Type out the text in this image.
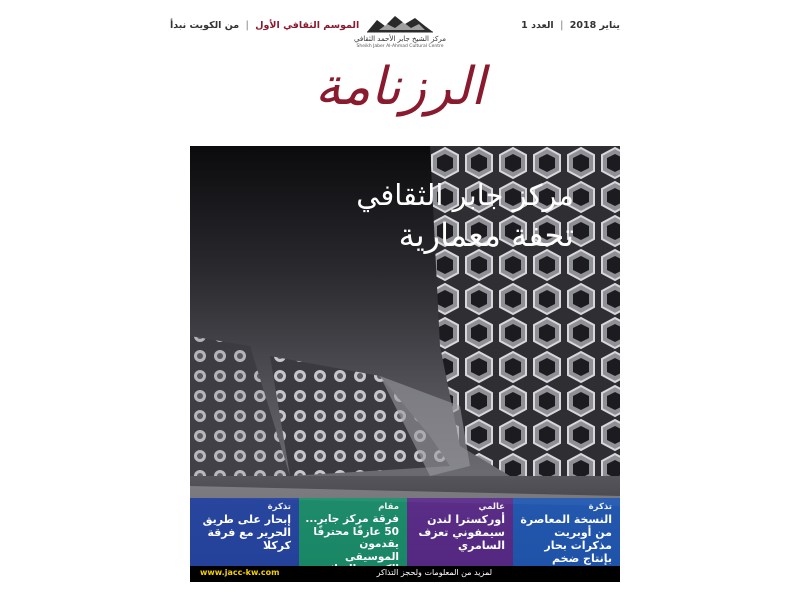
الموسم الثقافي الأول | من الكويت نبدأ	يناير 2018 | العدد 1
مركز الشيخ جابر الأحمد الثقافي
Sheikh Jaber Al-Ahmad Cultural Centre
الرزنامة
مركز جابر الثقافي
تحفة معمارية
تذكرة
إبحار على طريق الحرير مع فرقة كركلا
مقام
فرقة مركز جابر... 50 عازفًا محترفًا يقدمون الموسيقى
عالمي
أوركسترا لندن سيمفوني تعزف السامري
تذكرة
النسخة المعاصرة من أوبريت مذكرات بحار بإنتاج ضخم
لمزيد من المعلومات ولحجز التذاكر
www.jacc-kw.com
